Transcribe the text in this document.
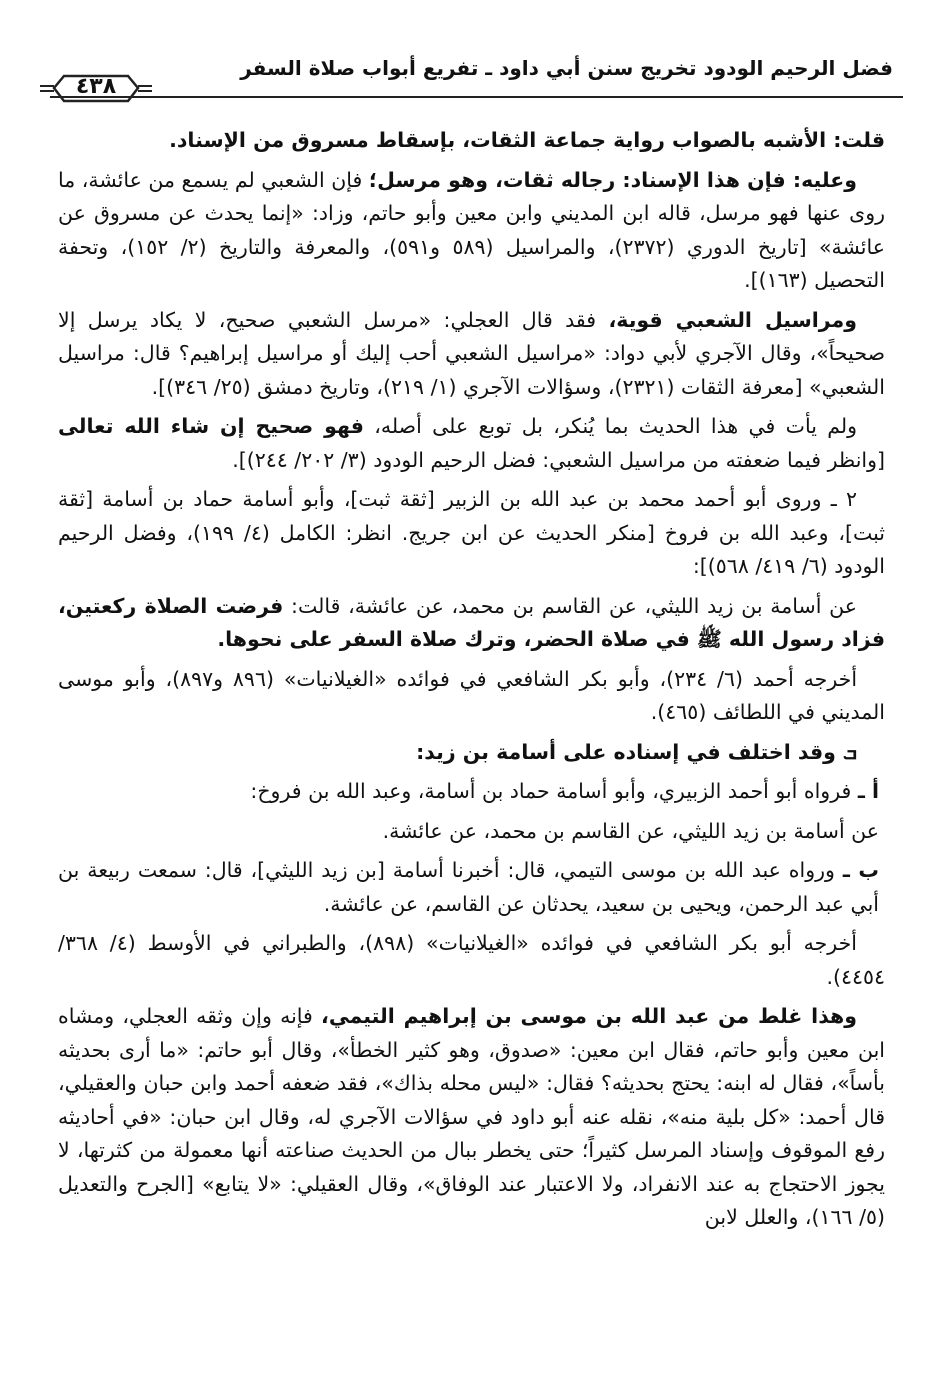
فضل الرحيم الودود تخريج سنن أبي داود ـ تفريع أبواب صلاة السفر
٤٣٨

قلت: الأشبه بالصواب رواية جماعة الثقات، بإسقاط مسروق من الإسناد.

وعليه: فإن هذا الإسناد: رجاله ثقات، وهو مرسل؛ فإن الشعبي لم يسمع من عائشة، ما روى عنها فهو مرسل، قاله ابن المديني وابن معين وأبو حاتم، وزاد: «إنما يحدث عن مسروق عن عائشة» [تاريخ الدوري (٢٣٧٢)، والمراسيل (٥٨٩ و٥٩١)، والمعرفة والتاريخ (٢/ ١٥٢)، وتحفة التحصيل (١٦٣)].

ومراسيل الشعبي قوية، فقد قال العجلي: «مرسل الشعبي صحيح، لا يكاد يرسل إلا صحيحاً»، وقال الآجري لأبي دواد: «مراسيل الشعبي أحب إليك أو مراسيل إبراهيم؟ قال: مراسيل الشعبي» [معرفة الثقات (٢٣٢١)، وسؤالات الآجري (١/ ٢١٩)، وتاريخ دمشق (٢٥/ ٣٤٦)].

ولم يأت في هذا الحديث بما يُنكر، بل توبع على أصله، فهو صحيح إن شاء الله تعالى [وانظر فيما ضعفته من مراسيل الشعبي: فضل الرحيم الودود (٣/ ٢٠٢/ ٢٤٤)].

٢ ـ وروى أبو أحمد محمد بن عبد الله بن الزبير [ثقة ثبت]، وأبو أسامة حماد بن أسامة [ثقة ثبت]، وعبد الله بن فروخ [منكر الحديث عن ابن جريج. انظر: الكامل (٤/ ١٩٩)، وفضل الرحيم الودود (٦/ ٤١٩/ ٥٦٨)]:

عن أسامة بن زيد الليثي، عن القاسم بن محمد، عن عائشة، قالت: فرضت الصلاة ركعتين، فزاد رسول الله ﷺ في صلاة الحضر، وترك صلاة السفر على نحوها.

أخرجه أحمد (٦/ ٢٣٤)، وأبو بكر الشافعي في فوائده «الغيلانيات» (٨٩٦ و٨٩٧)، وأبو موسى المديني في اللطائف (٤٦٥).

ܒ وقد اختلف في إسناده على أسامة بن زيد:

أ ـ فرواه أبو أحمد الزبيري، وأبو أسامة حماد بن أسامة، وعبد الله بن فروخ:

عن أسامة بن زيد الليثي، عن القاسم بن محمد، عن عائشة.

ب ـ ورواه عبد الله بن موسى التيمي، قال: أخبرنا أسامة [بن زيد الليثي]، قال: سمعت ربيعة بن أبي عبد الرحمن، ويحيى بن سعيد، يحدثان عن القاسم، عن عائشة.

أخرجه أبو بكر الشافعي في فوائده «الغيلانيات» (٨٩٨)، والطبراني في الأوسط (٤/ ٣٦٨/ ٤٤٥٤).

وهذا غلط من عبد الله بن موسى بن إبراهيم التيمي، فإنه وإن وثقه العجلي، ومشاه ابن معين وأبو حاتم، فقال ابن معين: «صدوق، وهو كثير الخطأ»، وقال أبو حاتم: «ما أرى بحديثه بأساً»، فقال له ابنه: يحتج بحديثه؟ فقال: «ليس محله بذاك»، فقد ضعفه أحمد وابن حبان والعقيلي، قال أحمد: «كل بلية منه»، نقله عنه أبو داود في سؤالات الآجري له، وقال ابن حبان: «في أحاديثه رفع الموقوف وإسناد المرسل كثيراً؛ حتى يخطر ببال من الحديث صناعته أنها معمولة من كثرتها، لا يجوز الاحتجاج به عند الانفراد، ولا الاعتبار عند الوفاق»، وقال العقيلي: «لا يتابع» [الجرح والتعديل (٥/ ١٦٦)، والعلل لابن
